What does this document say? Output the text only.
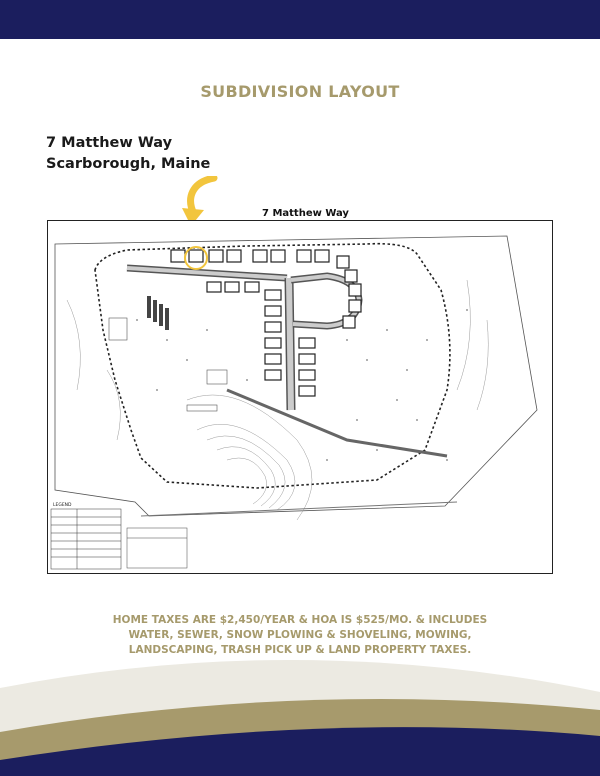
SUBDIVISION LAYOUT
7 Matthew Way
Scarborough, Maine
7 Matthew Way
LEGEND
HOME TAXES ARE $2,450/YEAR & HOA IS $525/MO. & INCLUDES
WATER, SEWER, SNOW PLOWING & SHOVELING, MOWING,
LANDSCAPING, TRASH PICK UP & LAND PROPERTY TAXES.
